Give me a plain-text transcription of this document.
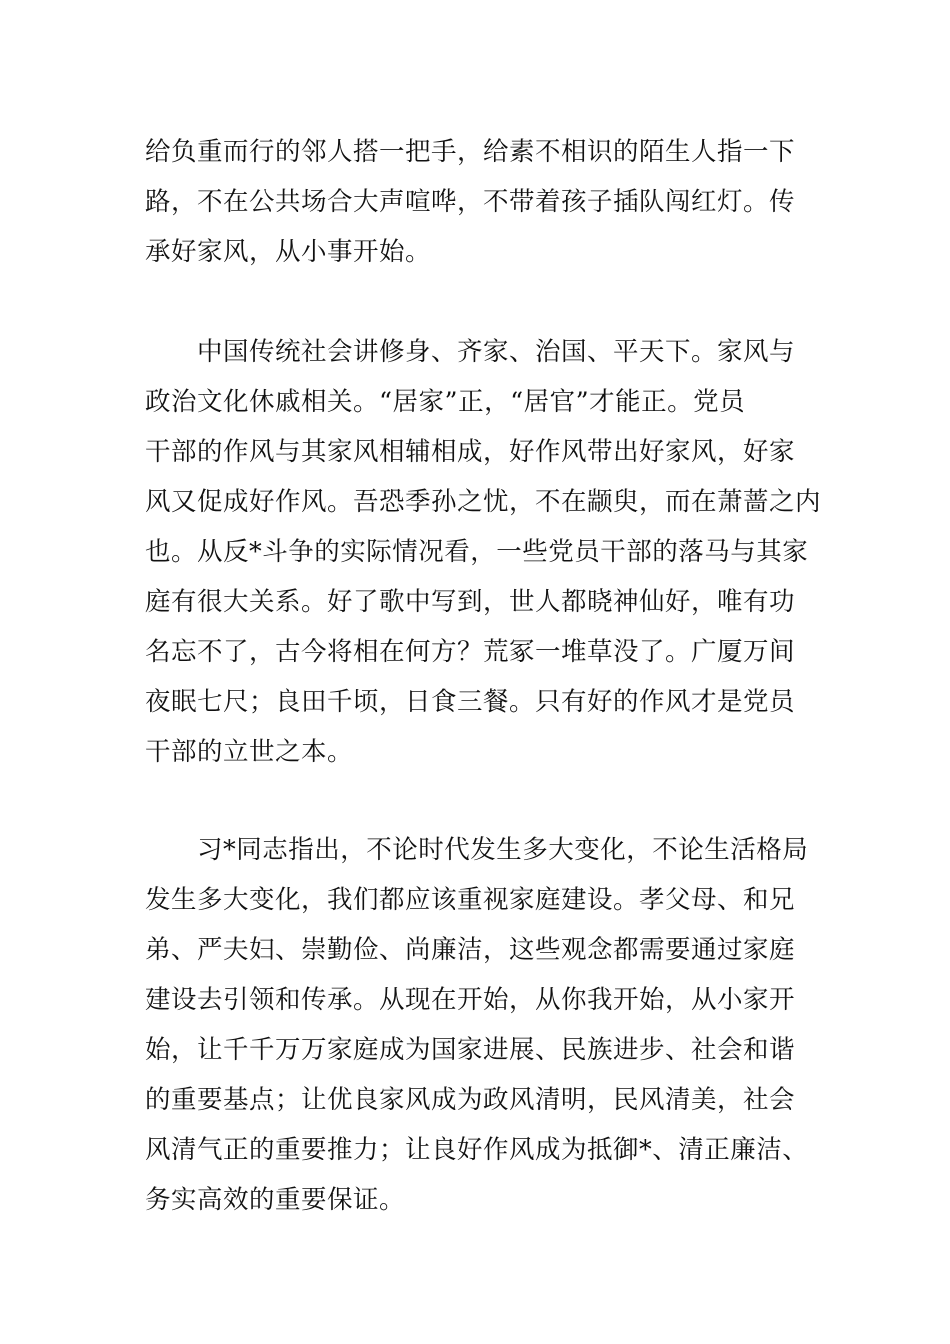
给负重而行的邻人搭一把手，给素不相识的陌生人指一下
路，不在公共场合大声喧哗，不带着孩子插队闯红灯。传
承好家风，从小事开始。
中国传统社会讲修身、齐家、治国、平天下。家风与
政治文化休戚相关。“居家”正，“居官”才能正。党员
干部的作风与其家风相辅相成，好作风带出好家风，好家
风又促成好作风。吾恐季孙之忧，不在颛臾，而在萧蔷之内
也。从反*斗争的实际情况看，一些党员干部的落马与其家
庭有很大关系。好了歌中写到，世人都晓神仙好，唯有功
名忘不了，古今将相在何方？荒冢一堆草没了。广厦万间
夜眠七尺；良田千顷，日食三餐。只有好的作风才是党员
干部的立世之本。
习*同志指出，不论时代发生多大变化，不论生活格局
发生多大变化，我们都应该重视家庭建设。孝父母、和兄
弟、严夫妇、崇勤俭、尚廉洁，这些观念都需要通过家庭
建设去引领和传承。从现在开始，从你我开始，从小家开
始，让千千万万家庭成为国家进展、民族进步、社会和谐
的重要基点；让优良家风成为政风清明，民风清美，社会
风清气正的重要推力；让良好作风成为抵御*、清正廉洁、
务实高效的重要保证。
